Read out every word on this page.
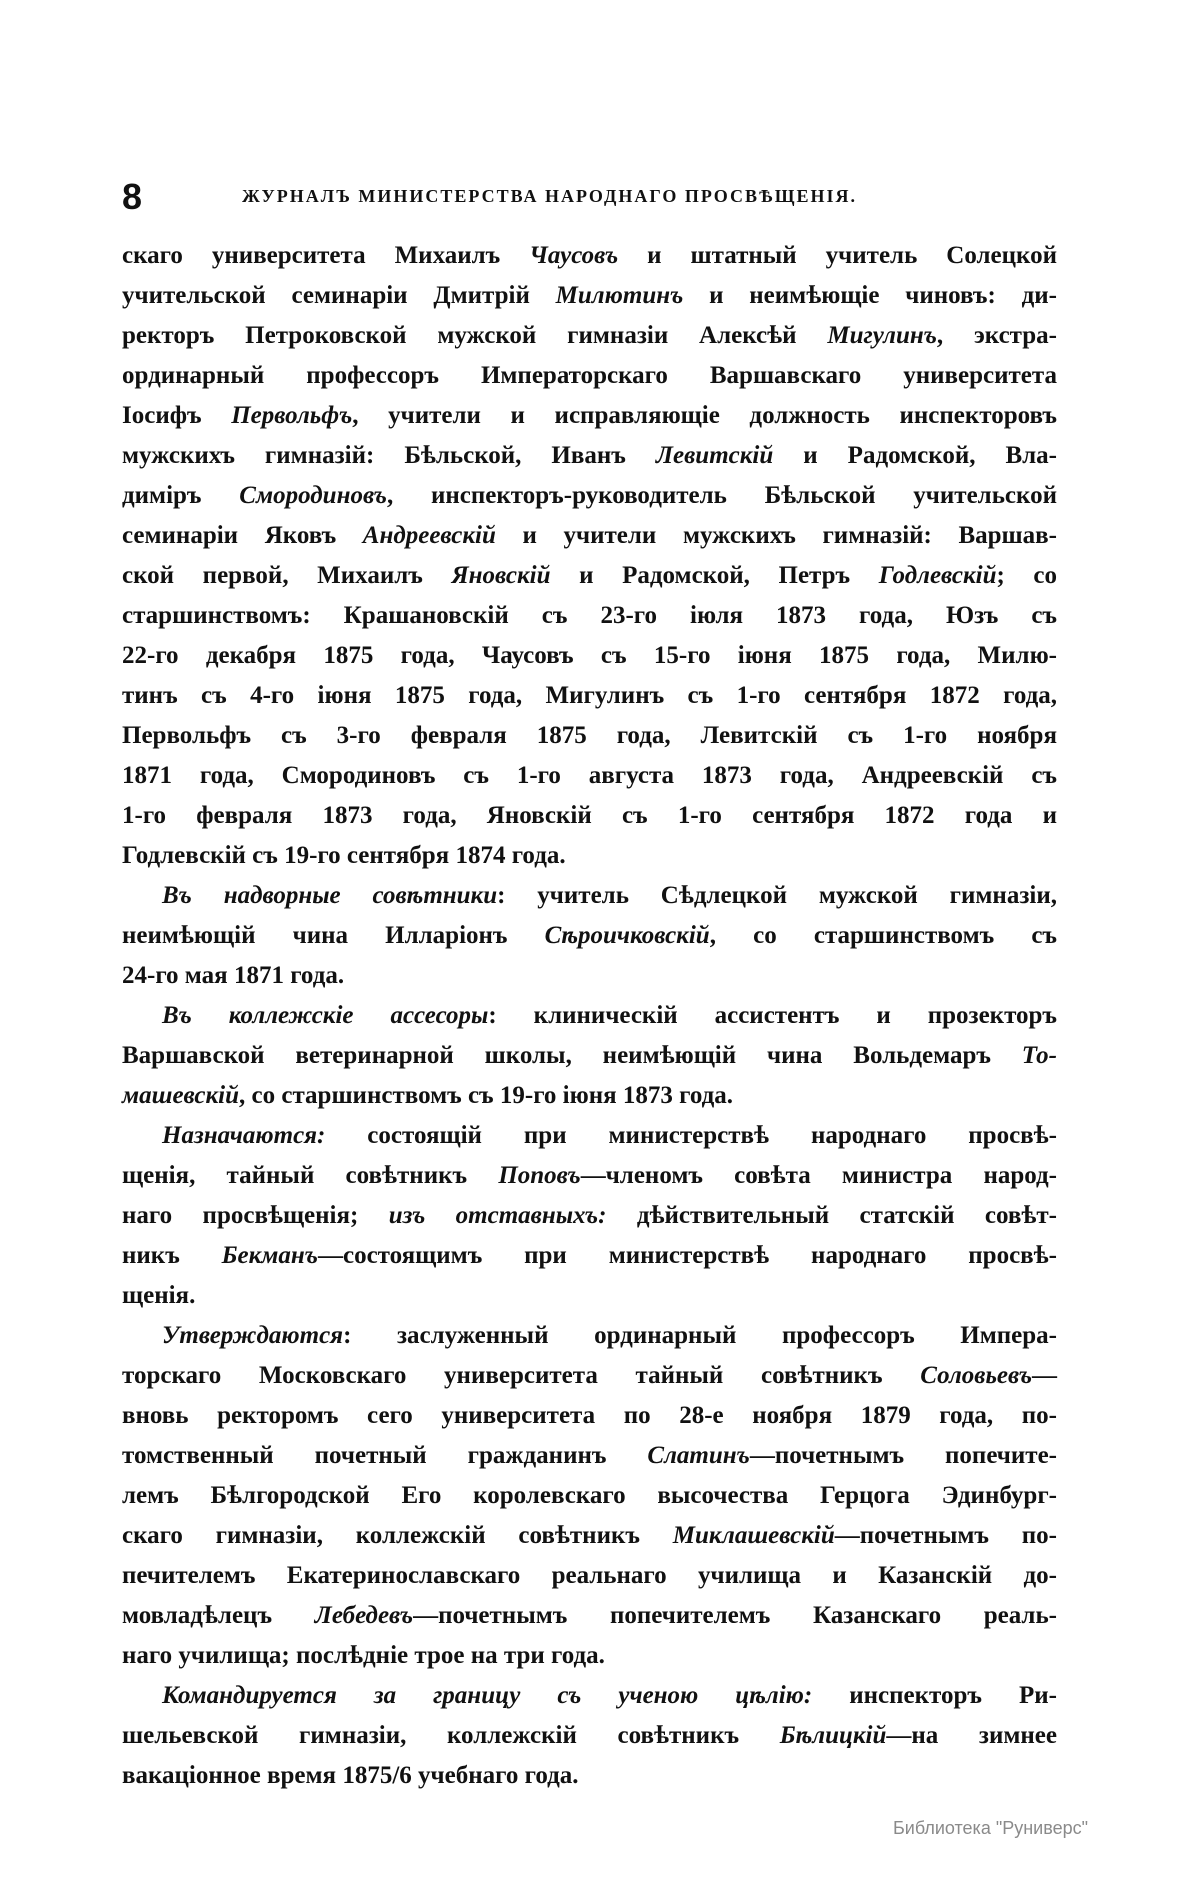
8	ЖУРНАЛЪ МИНИСТЕРСТВА НАРОДНАГО ПРОСВѢЩЕНІЯ.
скаго университета Михаилъ Чаусовъ и штатный учитель Солецкой
учительской семинаріи Дмитрій Милютинъ и неимѣющіе чиновъ: ди-
ректоръ Петроковской мужской гимназіи Алексѣй Мигулинъ, экстра-
ординарный профессоръ Императорскаго Варшавскаго университета
Іосифъ Первольфъ, учители и исправляющіе должность инспекторовъ
мужскихъ гимназій: Бѣльской, Иванъ Левитскій и Радомской, Вла-
диміръ Смородиновъ, инспекторъ-руководитель Бѣльской учительской
семинаріи Яковъ Андреевскій и учители мужскихъ гимназій: Варшав-
ской первой, Михаилъ Яновскій и Радомской, Петръ Годлевскій; со
старшинствомъ: Крашановскій съ 23-го іюля 1873 года, Юзъ съ
22-го декабря 1875 года, Чаусовъ съ 15-го іюня 1875 года, Милю-
тинъ съ 4-го іюня 1875 года, Мигулинъ съ 1-го сентября 1872 года,
Первольфъ съ 3-го февраля 1875 года, Левитскій съ 1-го ноября
1871 года, Смородиновъ съ 1-го августа 1873 года, Андреевскій съ
1-го февраля 1873 года, Яновскій съ 1-го сентября 1872 года и
Годлевскій съ 19-го сентября 1874 года.
Въ надворные совѣтники: учитель Сѣдлецкой мужской гимназіи,
неимѣющій чина Илларіонъ Сѣроичковскій, со старшинствомъ съ
24-го мая 1871 года.
Въ коллежскіе ассесоры: клиническій ассистентъ и прозекторъ
Варшавской ветеринарной школы, неимѣющій чина Вольдемаръ То-
машевскій, со старшинствомъ съ 19-го іюня 1873 года.
Назначаются: состоящій при министерствѣ народнаго просвѣ-
щенія, тайный совѣтникъ Поповъ—членомъ совѣта министра народ-
наго просвѣщенія; изъ отставныхъ: дѣйствительный статскій совѣт-
никъ Бекманъ—состоящимъ при министерствѣ народнаго просвѣ-
щенія.
Утверждаются: заслуженный ординарный профессоръ Импера-
торскаго Московскаго университета тайный совѣтникъ Соловьевъ—
вновь ректоромъ сего университета по 28-е ноября 1879 года, по-
томственный почетный гражданинъ Слатинъ—почетнымъ попечите-
лемъ Бѣлгородской Его королевскаго высочества Герцога Эдинбург-
скаго гимназіи, коллежскій совѣтникъ Миклашевскій—почетнымъ по-
печителемъ Екатеринославскаго реальнаго училища и Казанскій до-
мовладѣлецъ Лебедевъ—почетнымъ попечителемъ Казанскаго реаль-
наго училища; послѣдніе трое на три года.
Командируется за границу съ ученою цѣлію: инспекторъ Ри-
шельевской гимназіи, коллежскій совѣтникъ Бѣлицкій—на зимнее
вакаціонное время 1875/6 учебнаго года.
Библиотека "Руниверс"
